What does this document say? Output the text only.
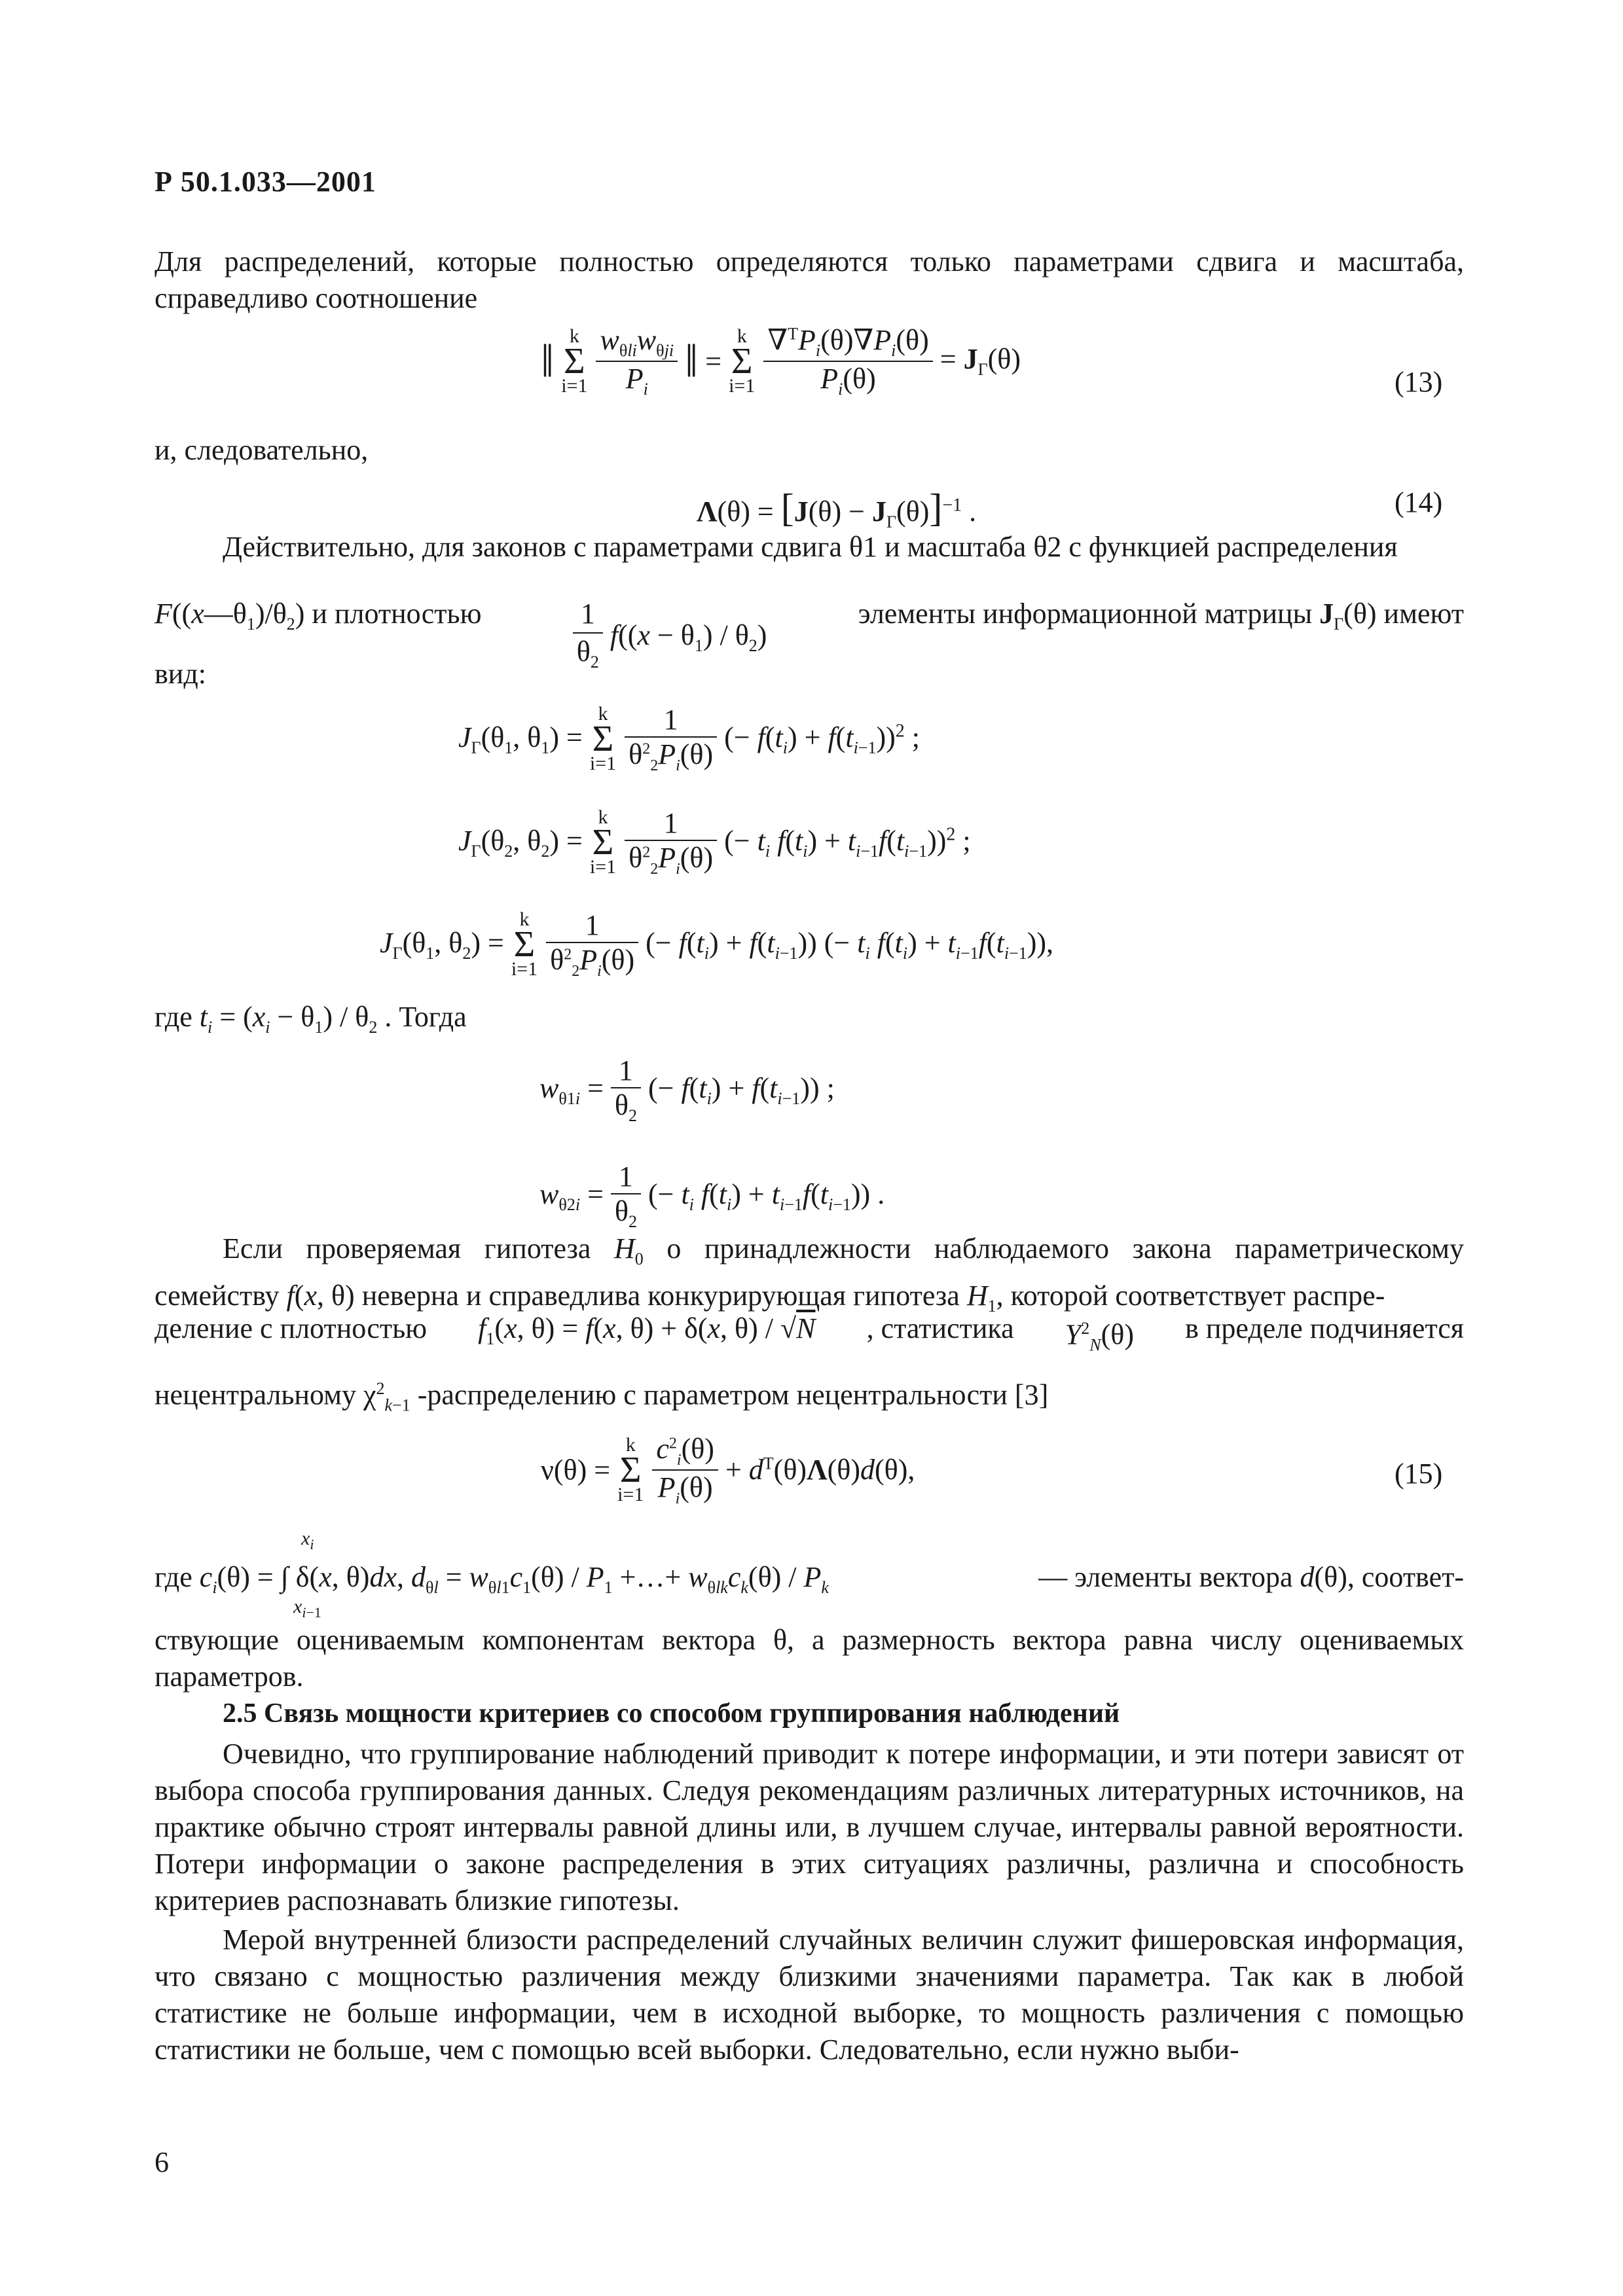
Р 50.1.033—2001
Для распределений, которые полностью определяются только параметрами сдвига и масштаба, справедливо соотношение
‖ k
Σ
$i=1 \frac{w_{\theta li}w_{\theta ji}}{P_i}$ ‖ = k
Σ
$i=1 \frac{\nabla^TP_i(\theta)\nabla P_i(\theta)}{P_i(\theta)} = J_\Gamma(\theta)$
(13)
и, следовательно,
$\Lambda(\theta) = [J(\theta) - J_\Gamma(\theta)]^{-1}$ .	(14)
Действительно, для законов с параметрами сдвига θ1 и масштаба θ2 с функцией распределения
$F((x—\theta_1)/\theta_2)$ и плотностью	$\frac{1}{\theta_2} f((x - \theta_1) / \theta_2)$
элементы информационной матрицы $J_\Gamma(\theta)$ имеют
вид:
$J_\Gamma(\theta_1$, $\theta_1) = k$
Σ
$i=1 \frac{1}{\theta^2_2P_i(\theta)}$ (− $f(t_i) + f(t_{i-1}))^2$ ;
$J_\Gamma(\theta_2$, $\theta_2) = k$
Σ
$i=1 \frac{1}{\theta^2_2P_i(\theta)}$ (− $t_i$ $f(t_i) + t_{i-1}f(t_{i-1}))^2$ ;
$J_\Gamma(\theta_1$, $\theta_2) = k$
Σ
$i=1 \frac{1}{\theta^2_2P_i(\theta)}$ (− $f(t_i) + f(t_{i-1})$) (− $t_i$ $f(t_i) + t_{i-1}f(t_{i-1})$),
где $t_i = (x_i - \theta_1) / \theta_2$ . Тогда
$w_{\theta 1i} = \frac{1}{\theta_2}$ (− $f(t_i) + f(t_{i-1})$) ;
$w_{\theta 2i} = \frac{1}{\theta_2}$ (− $t_i$ $f(t_i) + t_{i-1}f(t_{i-1})$) .
Если проверяемая гипотеза $H_0$ о принадлежности наблюдаемого закона параметрическому семейству f(x, θ) неверна и справедлива конкурирующая гипотеза $H_1$, которой соответствует распре-
деление с плотностью $f_1(x$, θ) = f(x, θ) + δ(x, θ) / √N , статистика $Y^2_N(\theta)$ в пределе подчиняется
нецентральному $\chi^2_{k-1}$ -распределению с параметром нецентральности [3]
ν(θ) = k
Σ
$i=1 \frac{c^2_i(\theta)}{P_i(\theta)} + d^T(\theta)\Lambda(\theta)d(\theta)$,	(15)
где $c_i(\theta)$ = ∫ δ(x, θ)dx, $d_{\theta l} = w_{\theta l1}c_1(\theta) / P_1$ +…+ $w_{\theta lk}c_k(\theta) / P_k$	— элементы вектора d(θ), соответ-
$x_i$
$x_{i-1}$
ствующие оцениваемым компонентам вектора θ, а размерность вектора равна числу оцениваемых параметров.
2.5 Связь мощности критериев со способом группирования наблюдений
Очевидно, что группирование наблюдений приводит к потере информации, и эти потери зависят от выбора способа группирования данных. Следуя рекомендациям различных литературных источников, на практике обычно строят интервалы равной длины или, в лучшем случае, интервалы равной вероятности. Потери информации о законе распределения в этих ситуациях различны, различна и способность критериев распознавать близкие гипотезы.
Мерой внутренней близости распределений случайных величин служит фишеровская информация, что связано с мощностью различения между близкими значениями параметра. Так как в любой статистике не больше информации, чем в исходной выборке, то мощность различения с помощью статистики не больше, чем с помощью всей выборки. Следовательно, если нужно выби-
6
